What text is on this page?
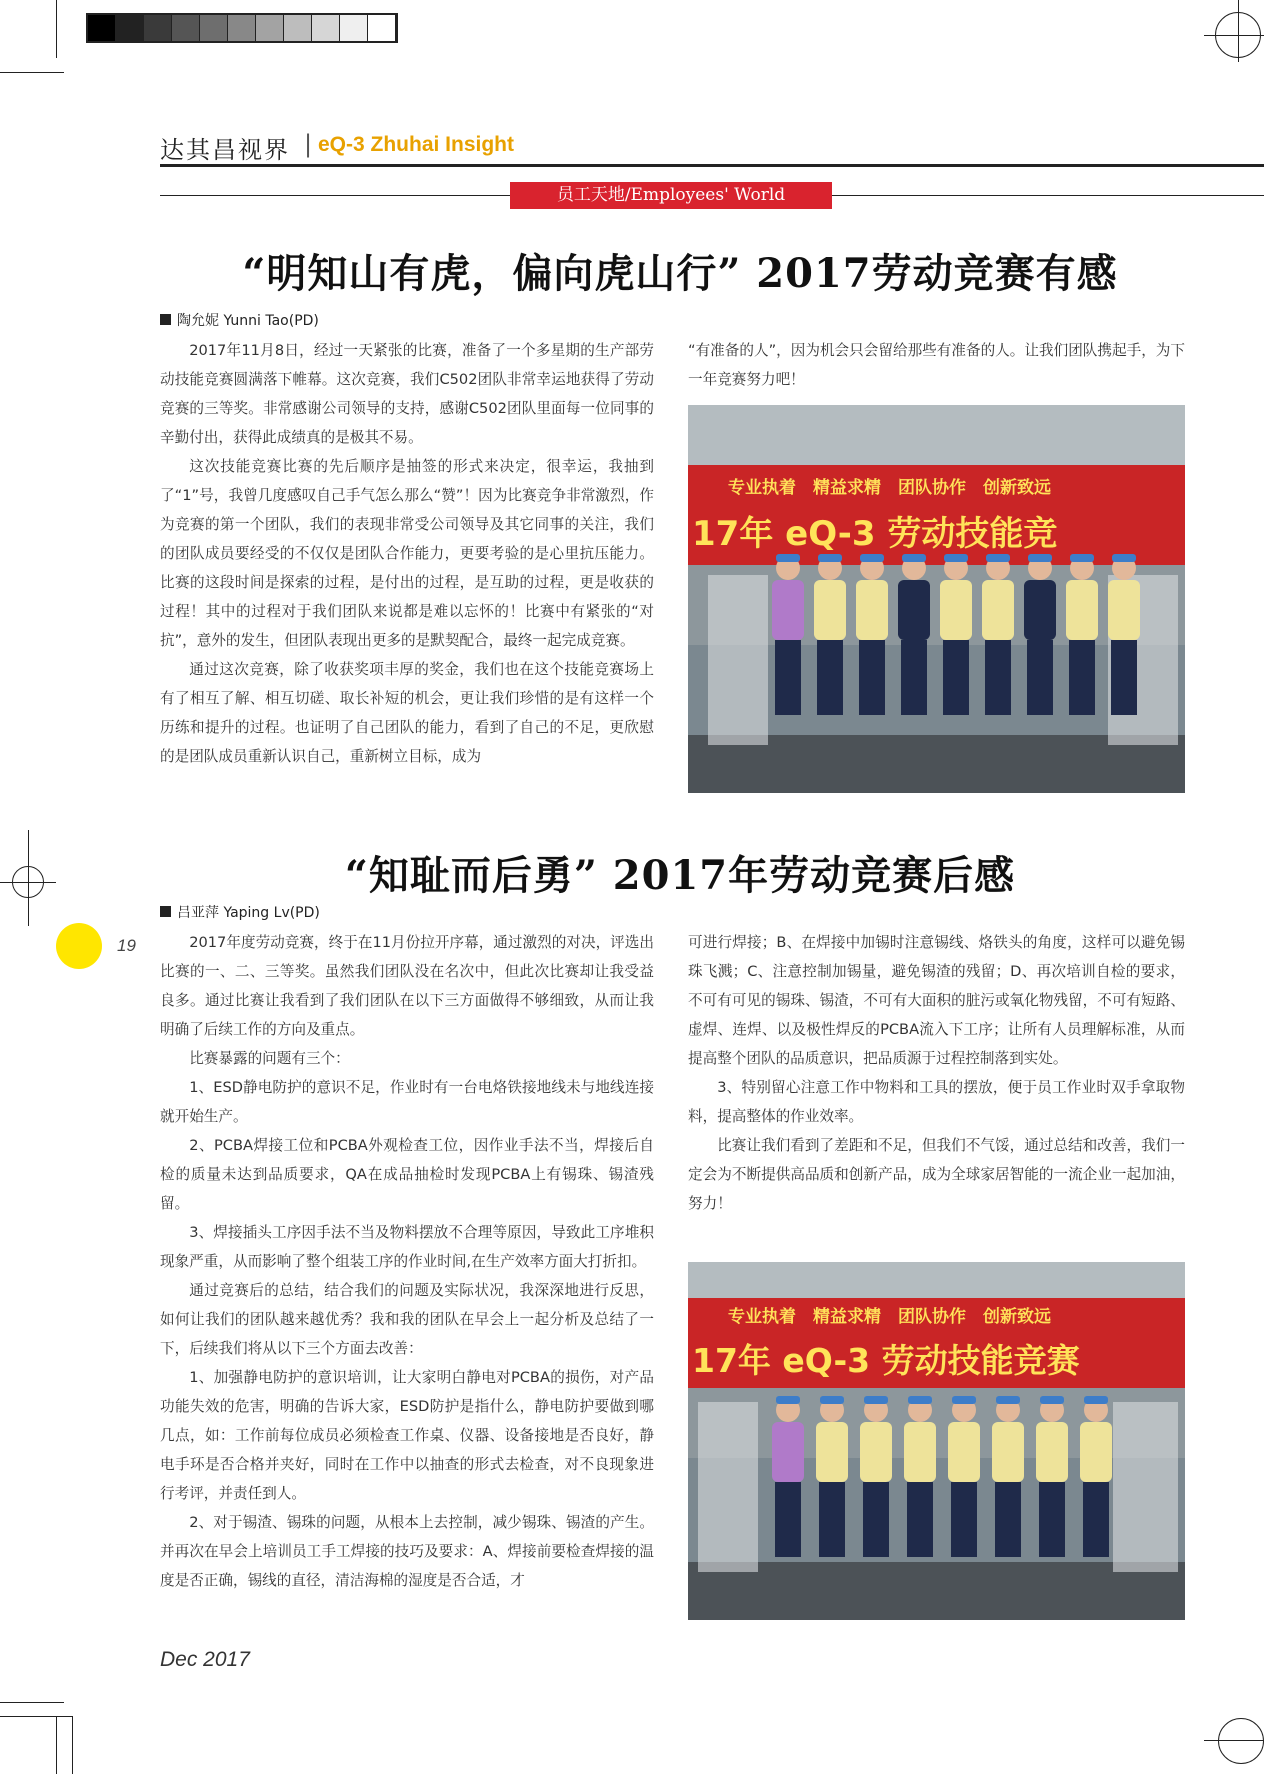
达其昌视界 | eQ-3 Zhuhai Insight
员工天地/Employees' World
“明知山有虎，偏向虎山行” 2017劳动竞赛有感
陶允妮 Yunni Tao(PD)

2017年11月8日，经过一天紧张的比赛，准备了一个多星期的生产部劳动技能竞赛圆满落下帷幕。这次竞赛，我们C502团队非常幸运地获得了劳动竞赛的三等奖。非常感谢公司领导的支持，感谢C502团队里面每一位同事的辛勤付出，获得此成绩真的是极其不易。

这次技能竞赛比赛的先后顺序是抽签的形式来决定，很幸运，我抽到了“1”号，我曾几度感叹自己手气怎么那么“赞”！因为比赛竞争非常激烈，作为竞赛的第一个团队，我们的表现非常受公司领导及其它同事的关注，我们的团队成员要经受的不仅仅是团队合作能力，更要考验的是心里抗压能力。比赛的这段时间是探索的过程，是付出的过程，是互助的过程，更是收获的过程！其中的过程对于我们团队来说都是难以忘怀的！比赛中有紧张的“对抗”，意外的发生，但团队表现出更多的是默契配合，最终一起完成竞赛。

通过这次竞赛，除了收获奖项丰厚的奖金，我们也在这个技能竞赛场上有了相互了解、相互切磋、取长补短的机会，更让我们珍惜的是有这样一个历练和提升的过程。也证明了自己团队的能力，看到了自己的不足，更欣慰的是团队成员重新认识自己，重新树立目标，成为

“有准备的人”，因为机会只会留给那些有准备的人。让我们团队携起手，为下一年竞赛努力吧！

专业执着　精益求精　团队协作　创新致远
17年 eQ-3 劳动技能竞
“知耻而后勇” 2017年劳动竞赛后感
吕亚萍 Yaping Lv(PD)

2017年度劳动竞赛，终于在11月份拉开序幕，通过激烈的对决，评选出比赛的一、二、三等奖。虽然我们团队没在名次中，但此次比赛却让我受益良多。通过比赛让我看到了我们团队在以下三方面做得不够细致，从而让我明确了后续工作的方向及重点。

比赛暴露的问题有三个：

1、ESD静电防护的意识不足，作业时有一台电烙铁接地线未与地线连接就开始生产。

2、PCBA焊接工位和PCBA外观检查工位，因作业手法不当，焊接后自检的质量未达到品质要求，QA在成品抽检时发现PCBA上有锡珠、锡渣残留。

3、焊接插头工序因手法不当及物料摆放不合理等原因，导致此工序堆积现象严重，从而影响了整个组装工序的作业时间,在生产效率方面大打折扣。

通过竞赛后的总结，结合我们的问题及实际状况，我深深地进行反思，如何让我们的团队越来越优秀？我和我的团队在早会上一起分析及总结了一下，后续我们将从以下三个方面去改善：

1、加强静电防护的意识培训，让大家明白静电对PCBA的损伤，对产品功能失效的危害，明确的告诉大家，ESD防护是指什么，静电防护要做到哪几点，如：工作前每位成员必须检查工作桌、仪器、设备接地是否良好，静电手环是否合格并夹好，同时在工作中以抽查的形式去检查，对不良现象进行考评，并责任到人。

2、对于锡渣、锡珠的问题，从根本上去控制，减少锡珠、锡渣的产生。并再次在早会上培训员工手工焊接的技巧及要求：A、焊接前要检查焊接的温度是否正确，锡线的直径，清洁海棉的湿度是否合适，才

可进行焊接；B、在焊接中加锡时注意锡线、烙铁头的角度，这样可以避免锡珠飞溅；C、注意控制加锡量，避免锡渣的残留；D、再次培训自检的要求，不可有可见的锡珠、锡渣，不可有大面积的脏污或氧化物残留，不可有短路、虚焊、连焊、以及极性焊反的PCBA流入下工序；让所有人员理解标准，从而提高整个团队的品质意识，把品质源于过程控制落到实处。

3、特别留心注意工作中物料和工具的摆放，便于员工作业时双手拿取物料，提高整体的作业效率。

比赛让我们看到了差距和不足，但我们不气馁，通过总结和改善，我们一定会为不断提供高品质和创新产品，成为全球家居智能的一流企业一起加油，努力！

专业执着　精益求精　团队协作　创新致远
17年 eQ-3 劳动技能竞赛
19
Dec 2017
